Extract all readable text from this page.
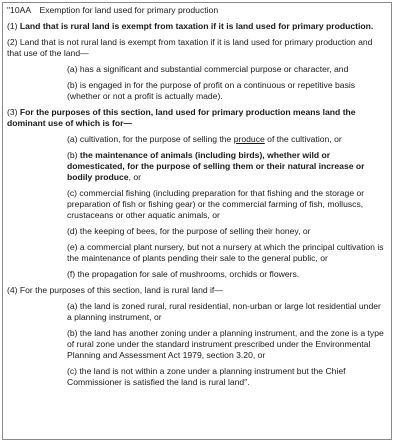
"10AA Exemption for land used for primary production

(1) Land that is rural land is exempt from taxation if it is land used for primary production.

(2) Land that is not rural land is exempt from taxation if it is land used for primary production and that use of the land—

(a) has a significant and substantial commercial purpose or character, and

(b) is engaged in for the purpose of profit on a continuous or repetitive basis (whether or not a profit is actually made).

(3) For the purposes of this section, land used for primary production means land the dominant use of which is for—

(a) cultivation, for the purpose of selling the produce of the cultivation, or

(b) the maintenance of animals (including birds), whether wild or domesticated, for the purpose of selling them or their natural increase or bodily produce, or

(c) commercial fishing (including preparation for that fishing and the storage or preparation of fish or fishing gear) or the commercial farming of fish, molluscs, crustaceans or other aquatic animals, or

(d) the keeping of bees, for the purpose of selling their honey, or

(e) a commercial plant nursery, but not a nursery at which the principal cultivation is the maintenance of plants pending their sale to the general public, or

(f) the propagation for sale of mushrooms, orchids or flowers.

(4) For the purposes of this section, land is rural land if—

(a) the land is zoned rural, rural residential, non-urban or large lot residential under a planning instrument, or

(b) the land has another zoning under a planning instrument, and the zone is a type of rural zone under the standard instrument prescribed under the Environmental Planning and Assessment Act 1979, section 3.20, or

(c) the land is not within a zone under a planning instrument but the Chief Commissioner is satisfied the land is rural land".
